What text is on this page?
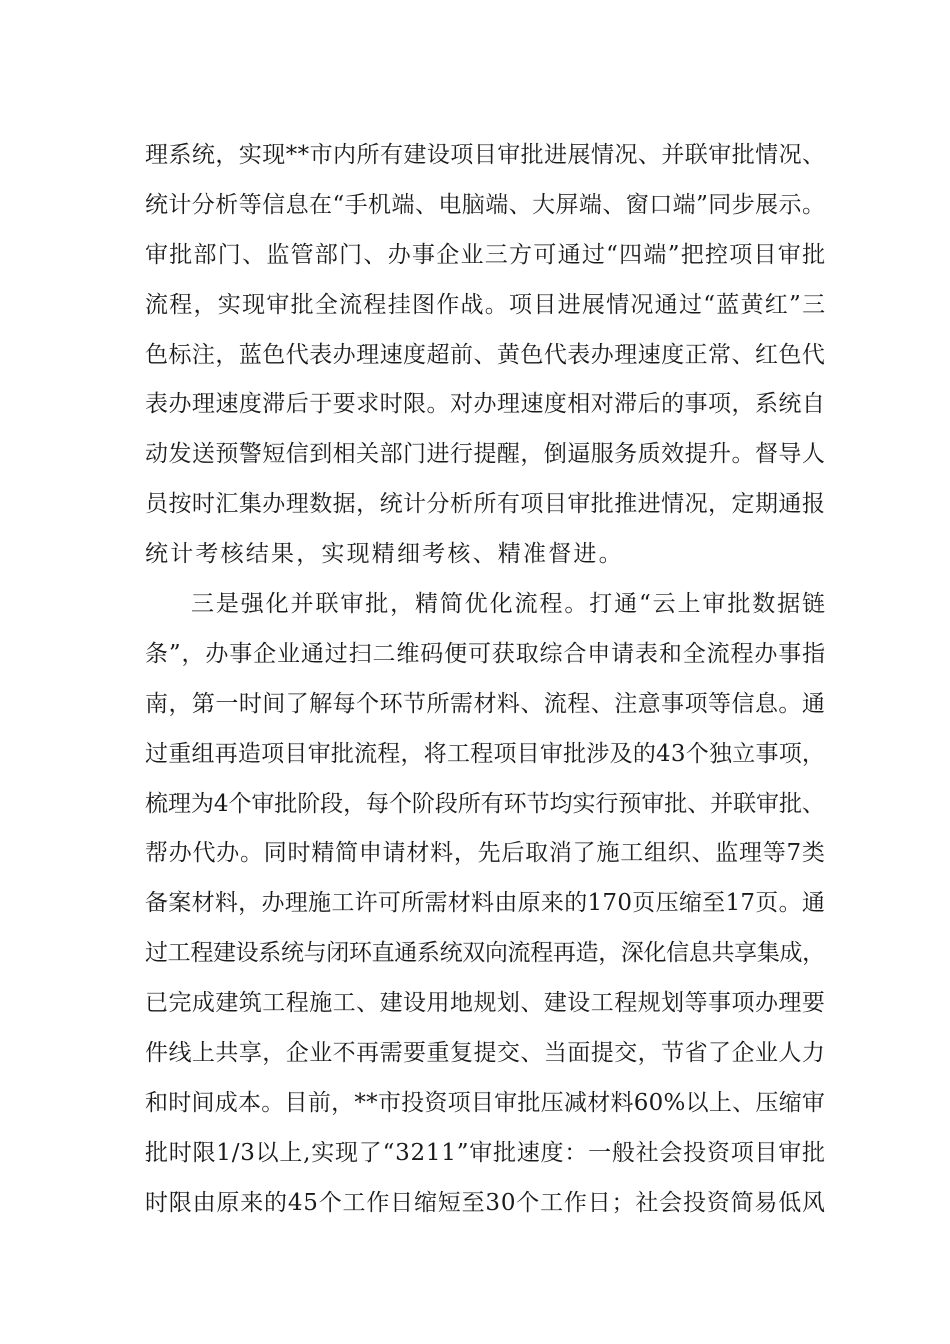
理系统，实现**市内所有建设项目审批进展情况、并联审批情况、
统计分析等信息在“手机端、电脑端、大屏端、窗口端”同步展示。
审批部门、监管部门、办事企业三方可通过“四端”把控项目审批
流程，实现审批全流程挂图作战。项目进展情况通过“蓝黄红”三
色标注，蓝色代表办理速度超前、黄色代表办理速度正常、红色代
表办理速度滞后于要求时限。对办理速度相对滞后的事项，系统自
动发送预警短信到相关部门进行提醒，倒逼服务质效提升。督导人
员按时汇集办理数据，统计分析所有项目审批推进情况，定期通报
统计考核结果，实现精细考核、精准督进。
三是强化并联审批，精简优化流程。打通“云上审批数据链
条”，办事企业通过扫二维码便可获取综合申请表和全流程办事指
南，第一时间了解每个环节所需材料、流程、注意事项等信息。通
过重组再造项目审批流程，将工程项目审批涉及的43个独立事项，
梳理为4个审批阶段，每个阶段所有环节均实行预审批、并联审批、
帮办代办。同时精简申请材料，先后取消了施工组织、监理等7类
备案材料，办理施工许可所需材料由原来的170页压缩至17页。通
过工程建设系统与闭环直通系统双向流程再造，深化信息共享集成，
已完成建筑工程施工、建设用地规划、建设工程规划等事项办理要
件线上共享，企业不再需要重复提交、当面提交，节省了企业人力
和时间成本。目前，**市投资项目审批压减材料60%以上、压缩审
批时限1/3以上,实现了“3211”审批速度：一般社会投资项目审批
时限由原来的45个工作日缩短至30个工作日；社会投资简易低风
